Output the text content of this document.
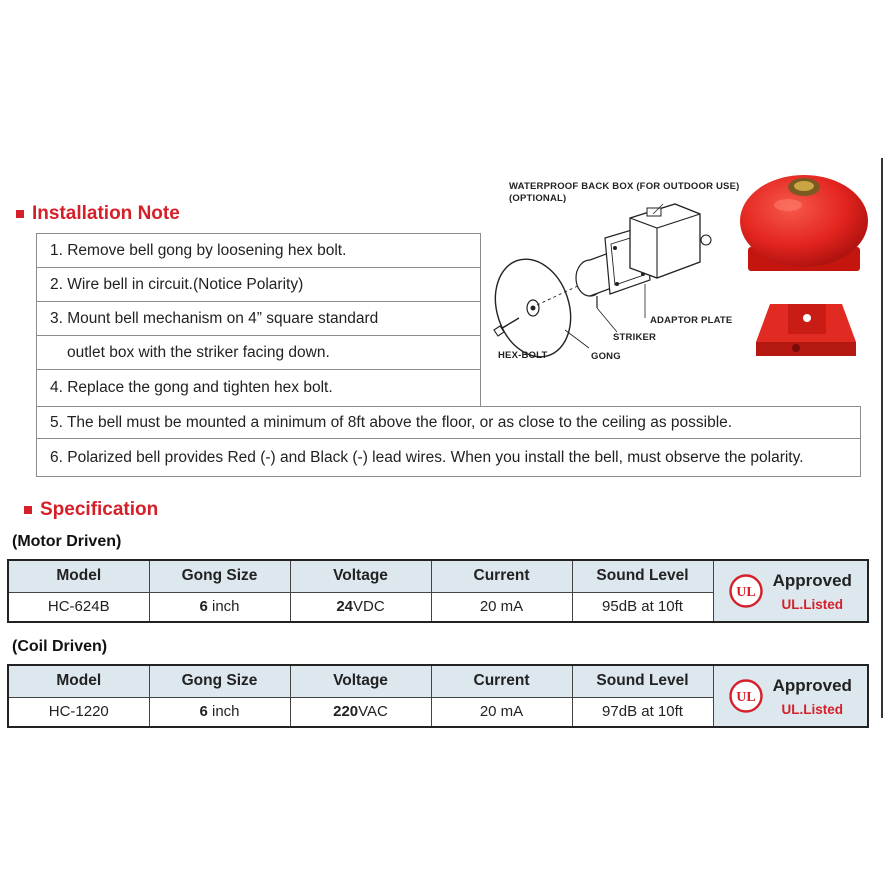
Installation Note
1. Remove bell gong by loosening hex bolt.
2. Wire bell in circuit.(Notice Polarity)
3. Mount bell mechanism on 4” square standard
outlet box with the striker facing down.
4. Replace the gong and tighten hex bolt.
5. The bell must be mounted a minimum of 8ft above the floor, or as close to the ceiling as possible.
6. Polarized bell provides Red (-) and Black (-) lead wires. When you install the bell, must observe the polarity.
WATERPROOF BACK BOX (FOR OUTDOOR USE)
(OPTIONAL)
ADAPTOR PLATE
STRIKER
HEX-BOLT	GONG
Specification
(Motor Driven)
Model	Gong Size	Voltage	Current	Sound Level	UL
Approved
UL.Listed

HC-624B	6 inch	24VDC	20 mA	95dB at 10ft	
(Coil Driven)
Model	Gong Size	Voltage	Current	Sound Level	UL
Approved
UL.Listed

HC-1220	6 inch	220VAC	20 mA	97dB at 10ft	
